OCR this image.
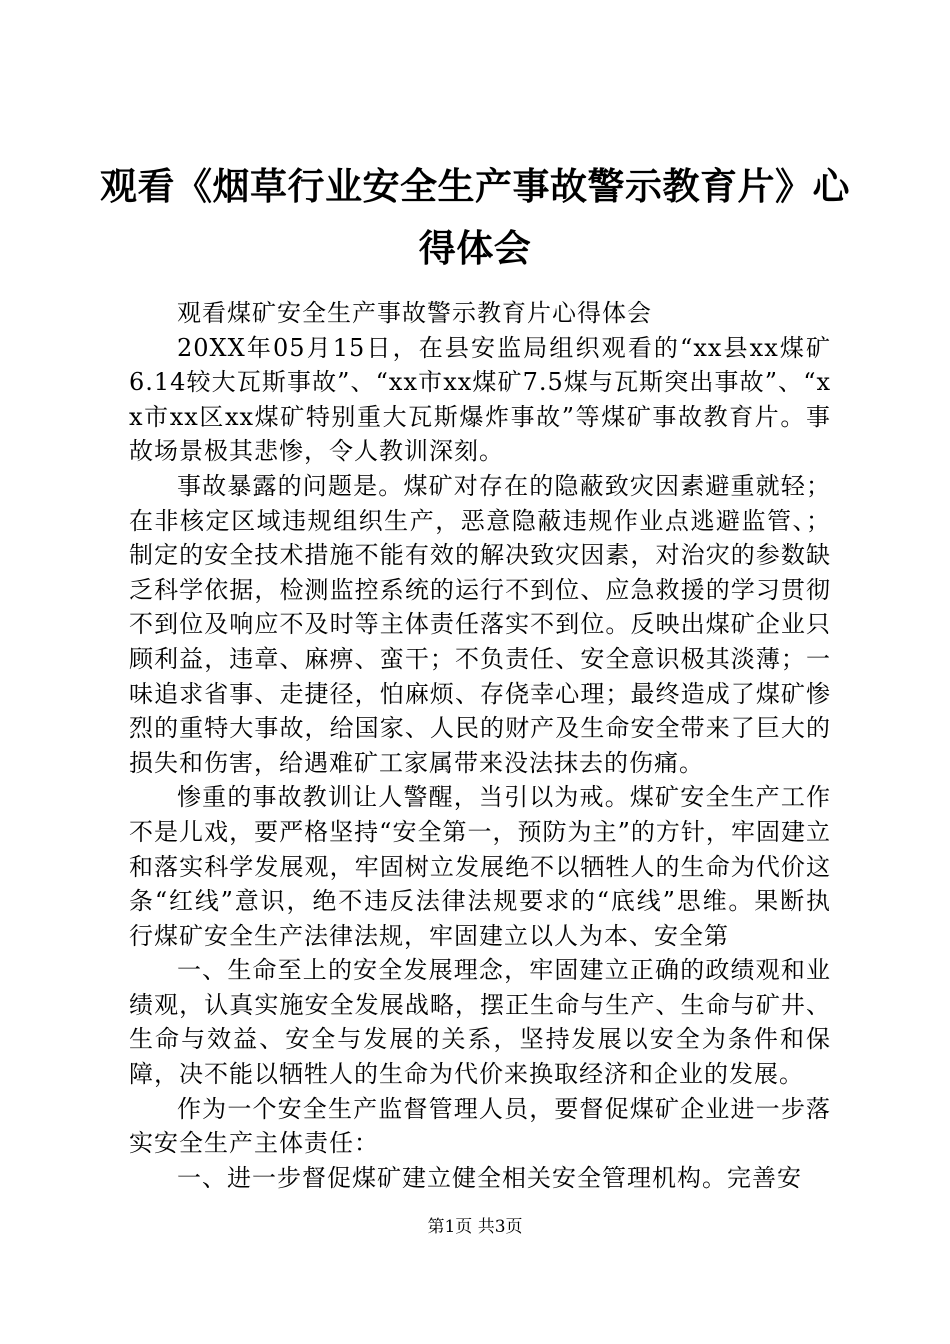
观看《烟草行业安全生产事故警示教育片》心得体会

观看煤矿安全生产事故警示教育片心得体会

20XX年05月15日，在县安监局组织观看的“xx县xx煤矿6.14较大瓦斯事故”、“xx市xx煤矿7.5煤与瓦斯突出事故”、“xx市xx区xx煤矿特别重大瓦斯爆炸事故”等煤矿事故教育片。事故场景极其悲惨，令人教训深刻。

事故暴露的问题是。煤矿对存在的隐蔽致灾因素避重就轻；在非核定区域违规组织生产，恶意隐蔽违规作业点逃避监管、；制定的安全技术措施不能有效的解决致灾因素，对治灾的参数缺乏科学依据，检测监控系统的运行不到位、应急救援的学习贯彻不到位及响应不及时等主体责任落实不到位。反映出煤矿企业只顾利益，违章、麻痹、蛮干；不负责任、安全意识极其淡薄；一味追求省事、走捷径，怕麻烦、存侥幸心理；最终造成了煤矿惨烈的重特大事故，给国家、人民的财产及生命安全带来了巨大的损失和伤害，给遇难矿工家属带来没法抹去的伤痛。

惨重的事故教训让人警醒，当引以为戒。煤矿安全生产工作不是儿戏，要严格坚持“安全第一，预防为主”的方针，牢固建立和落实科学发展观，牢固树立发展绝不以牺牲人的生命为代价这条“红线”意识，绝不违反法律法规要求的“底线”思维。果断执行煤矿安全生产法律法规，牢固建立以人为本、安全第

一、生命至上的安全发展理念，牢固建立正确的政绩观和业绩观，认真实施安全发展战略，摆正生命与生产、生命与矿井、生命与效益、安全与发展的关系，坚持发展以安全为条件和保障，决不能以牺牲人的生命为代价来换取经济和企业的发展。

作为一个安全生产监督管理人员，要督促煤矿企业进一步落实安全生产主体责任：

一、进一步督促煤矿建立健全相关安全管理机构。完善安

第1页 共3页
